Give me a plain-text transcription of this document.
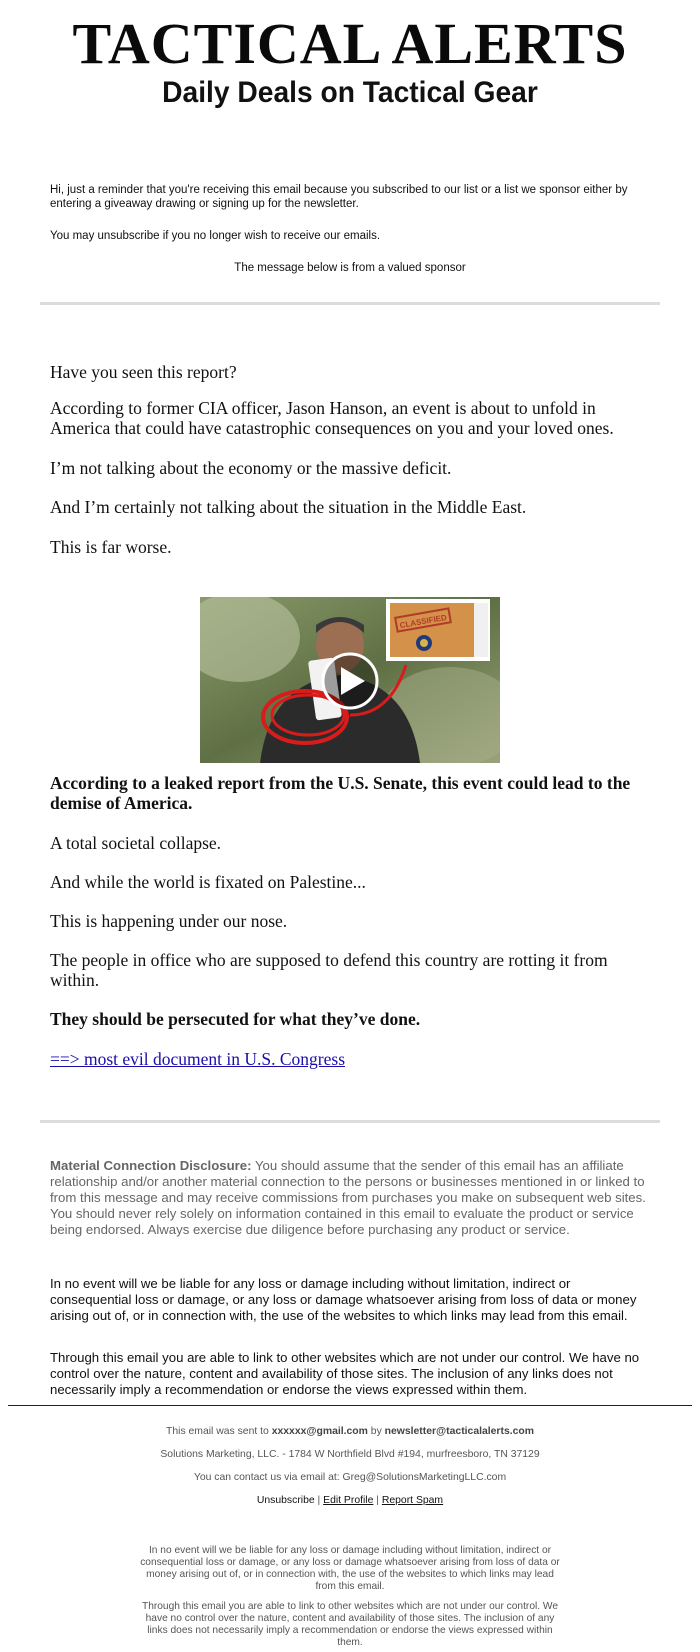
TACTICAL ALERTS
Daily Deals on Tactical Gear
Hi, just a reminder that you're receiving this email because you subscribed to our list or a list we sponsor either by entering a giveaway drawing or signing up for the newsletter.
You may unsubscribe if you no longer wish to receive our emails.
The message below is from a valued sponsor
Have you seen this report?
According to former CIA officer, Jason Hanson, an event is about to unfold in America that could have catastrophic consequences on you and your loved ones.
I’m not talking about the economy or the massive deficit.
And I’m certainly not talking about the situation in the Middle East.
This is far worse.
CLASSIFIED
According to a leaked report from the U.S. Senate, this event could lead to the demise of America.
A total societal collapse.
And while the world is fixated on Palestine...
This is happening under our nose.
The people in office who are supposed to defend this country are rotting it from within.
They should be persecuted for what they’ve done.
==> most evil document in U.S. Congress
Material Connection Disclosure: You should assume that the sender of this email has an affiliate relationship and/or another material connection to the persons or businesses mentioned in or linked to from this message and may receive commissions from purchases you make on subsequent web sites. You should never rely solely on information contained in this email to evaluate the product or service being endorsed. Always exercise due diligence before purchasing any product or service.
In no event will we be liable for any loss or damage including without limitation, indirect or consequential loss or damage, or any loss or damage whatsoever arising from loss of data or money arising out of, or in connection with, the use of the websites to which links may lead from this email.
Through this email you are able to link to other websites which are not under our control. We have no control over the nature, content and availability of those sites. The inclusion of any links does not necessarily imply a recommendation or endorse the views expressed within them.
This email was sent to xxxxxx@gmail.com by newsletter@tacticalalerts.com
Solutions Marketing, LLC. - 1784 W Northfield Blvd #194, murfreesboro, TN 37129
You can contact us via email at: Greg@SolutionsMarketingLLC.com
Unsubscribe | Edit Profile | Report Spam
In no event will we be liable for any loss or damage including without limitation, indirect or consequential loss or damage, or any loss or damage whatsoever arising from loss of data or money arising out of, or in connection with, the use of the websites to which links may lead from this email.
Through this email you are able to link to other websites which are not under our control. We have no control over the nature, content and availability of those sites. The inclusion of any links does not necessarily imply a recommendation or endorse the views expressed within them.
